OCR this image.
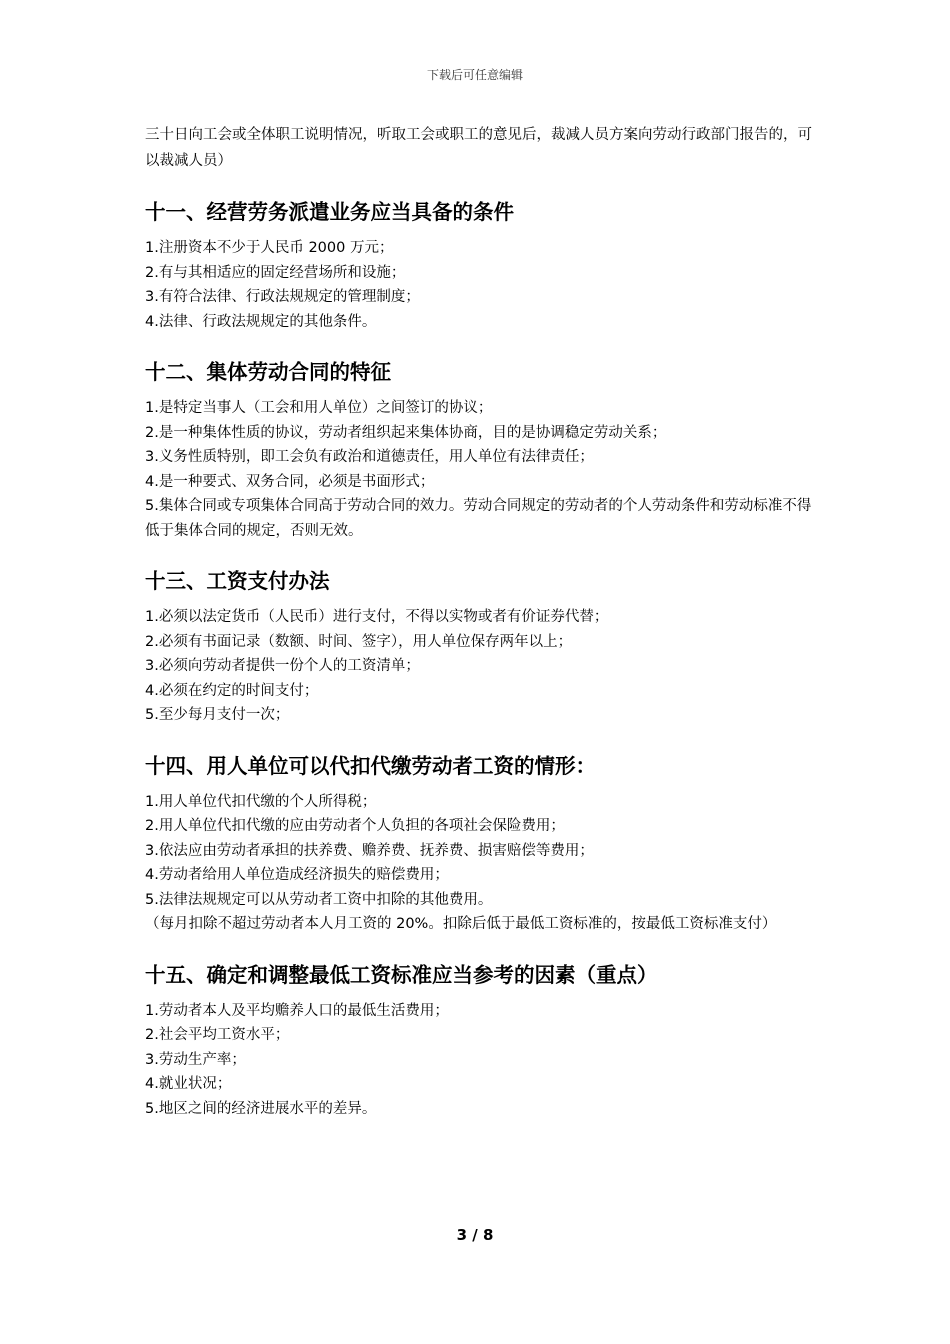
下载后可任意编辑

三十日向工会或全体职工说明情况，听取工会或职工的意见后，裁减人员方案向劳动行政部门报告的，可以裁减人员）

十一、经营劳务派遣业务应当具备的条件
1.注册资本不少于人民币 2000 万元；
2.有与其相适应的固定经营场所和设施；
3.有符合法律、行政法规规定的管理制度；
4.法律、行政法规规定的其他条件。
十二、集体劳动合同的特征
1.是特定当事人（工会和用人单位）之间签订的协议；
2.是一种集体性质的协议，劳动者组织起来集体协商，目的是协调稳定劳动关系；
3.义务性质特别，即工会负有政治和道德责任，用人单位有法律责任；
4.是一种要式、双务合同，必须是书面形式；
5.集体合同或专项集体合同高于劳动合同的效力。劳动合同规定的劳动者的个人劳动条件和劳动标准不得低于集体合同的规定，否则无效。
十三、工资支付办法
1.必须以法定货币（人民币）进行支付，不得以实物或者有价证券代替；
2.必须有书面记录（数额、时间、签字），用人单位保存两年以上；
3.必须向劳动者提供一份个人的工资清单；
4.必须在约定的时间支付；
5.至少每月支付一次；
十四、用人单位可以代扣代缴劳动者工资的情形：
1.用人单位代扣代缴的个人所得税；
2.用人单位代扣代缴的应由劳动者个人负担的各项社会保险费用；
3.依法应由劳动者承担的扶养费、赡养费、抚养费、损害赔偿等费用；
4.劳动者给用人单位造成经济损失的赔偿费用；
5.法律法规规定可以从劳动者工资中扣除的其他费用。

（每月扣除不超过劳动者本人月工资的 20%。扣除后低于最低工资标准的，按最低工资标准支付）

十五、确定和调整最低工资标准应当参考的因素（重点）
1.劳动者本人及平均赡养人口的最低生活费用；
2.社会平均工资水平；
3.劳动生产率；
4.就业状况；
5.地区之间的经济进展水平的差异。
3 / 8
